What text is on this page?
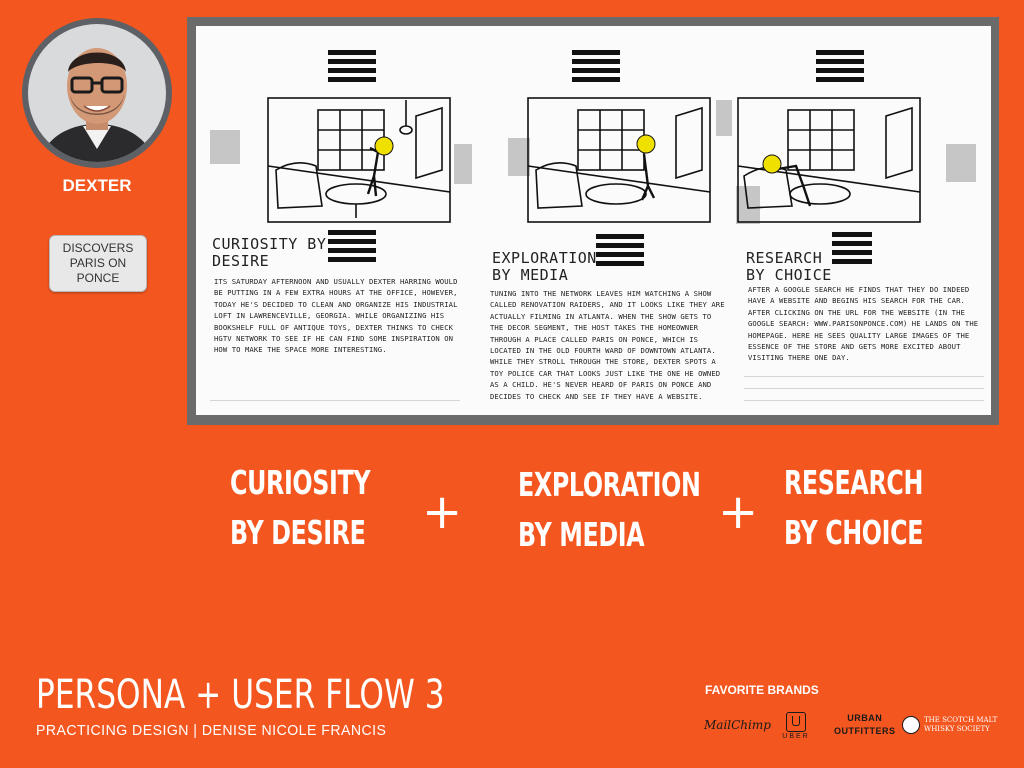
DEXTER
DISCOVERS PARIS ON PONCE
CURIOSITY BY
DESIRE
ITS SATURDAY AFTERNOON AND USUALLY DEXTER HARRING WOULD BE PUTTING IN A FEW EXTRA HOURS AT THE OFFICE, HOWEVER, TODAY HE'S DECIDED TO CLEAN AND ORGANIZE HIS INDUSTRIAL LOFT IN LAWRENCEVILLE, GEORGIA. WHILE ORGANIZING HIS BOOKSHELF FULL OF ANTIQUE TOYS, DEXTER THINKS TO CHECK HGTV NETWORK TO SEE IF HE CAN FIND SOME INSPIRATION ON HOW TO MAKE THE SPACE MORE INTERESTING.
EXPLORATION
BY MEDIA
TUNING INTO THE NETWORK LEAVES HIM WATCHING A SHOW CALLED RENOVATION RAIDERS, AND IT LOOKS LIKE THEY ARE ACTUALLY FILMING IN ATLANTA. WHEN THE SHOW GETS TO THE DECOR SEGMENT, THE HOST TAKES THE HOMEOWNER THROUGH A PLACE CALLED PARIS ON PONCE, WHICH IS LOCATED IN THE OLD FOURTH WARD OF DOWNTOWN ATLANTA. WHILE THEY STROLL THROUGH THE STORE, DEXTER SPOTS A TOY POLICE CAR THAT LOOKS JUST LIKE THE ONE HE OWNED AS A CHILD. HE'S NEVER HEARD OF PARIS ON PONCE AND DECIDES TO CHECK AND SEE IF THEY HAVE A WEBSITE.
RESEARCH
BY CHOICE
AFTER A GOOGLE SEARCH HE FINDS THAT THEY DO INDEED HAVE A WEBSITE AND BEGINS HIS SEARCH FOR THE CAR. AFTER CLICKING ON THE URL FOR THE WEBSITE (IN THE GOOGLE SEARCH: WWW.PARISONPONCE.COM) HE LANDS ON THE HOMEPAGE. HERE HE SEES QUALITY LARGE IMAGES OF THE ESSENCE OF THE STORE AND GETS MORE EXCITED ABOUT VISITING THERE ONE DAY.
CURIOSITY
BY DESIRE + EXPLORATION
BY MEDIA	+
RESEARCH
BY CHOICE
PERSONA + USER FLOW 3
PRACTICING DESIGN | DENISE NICOLE FRANCIS
FAVORITE BRANDS
MailChimp
UBER
URBAN
OUTFITTERS
THE SCOTCH MALT
WHISKY SOCIETY
